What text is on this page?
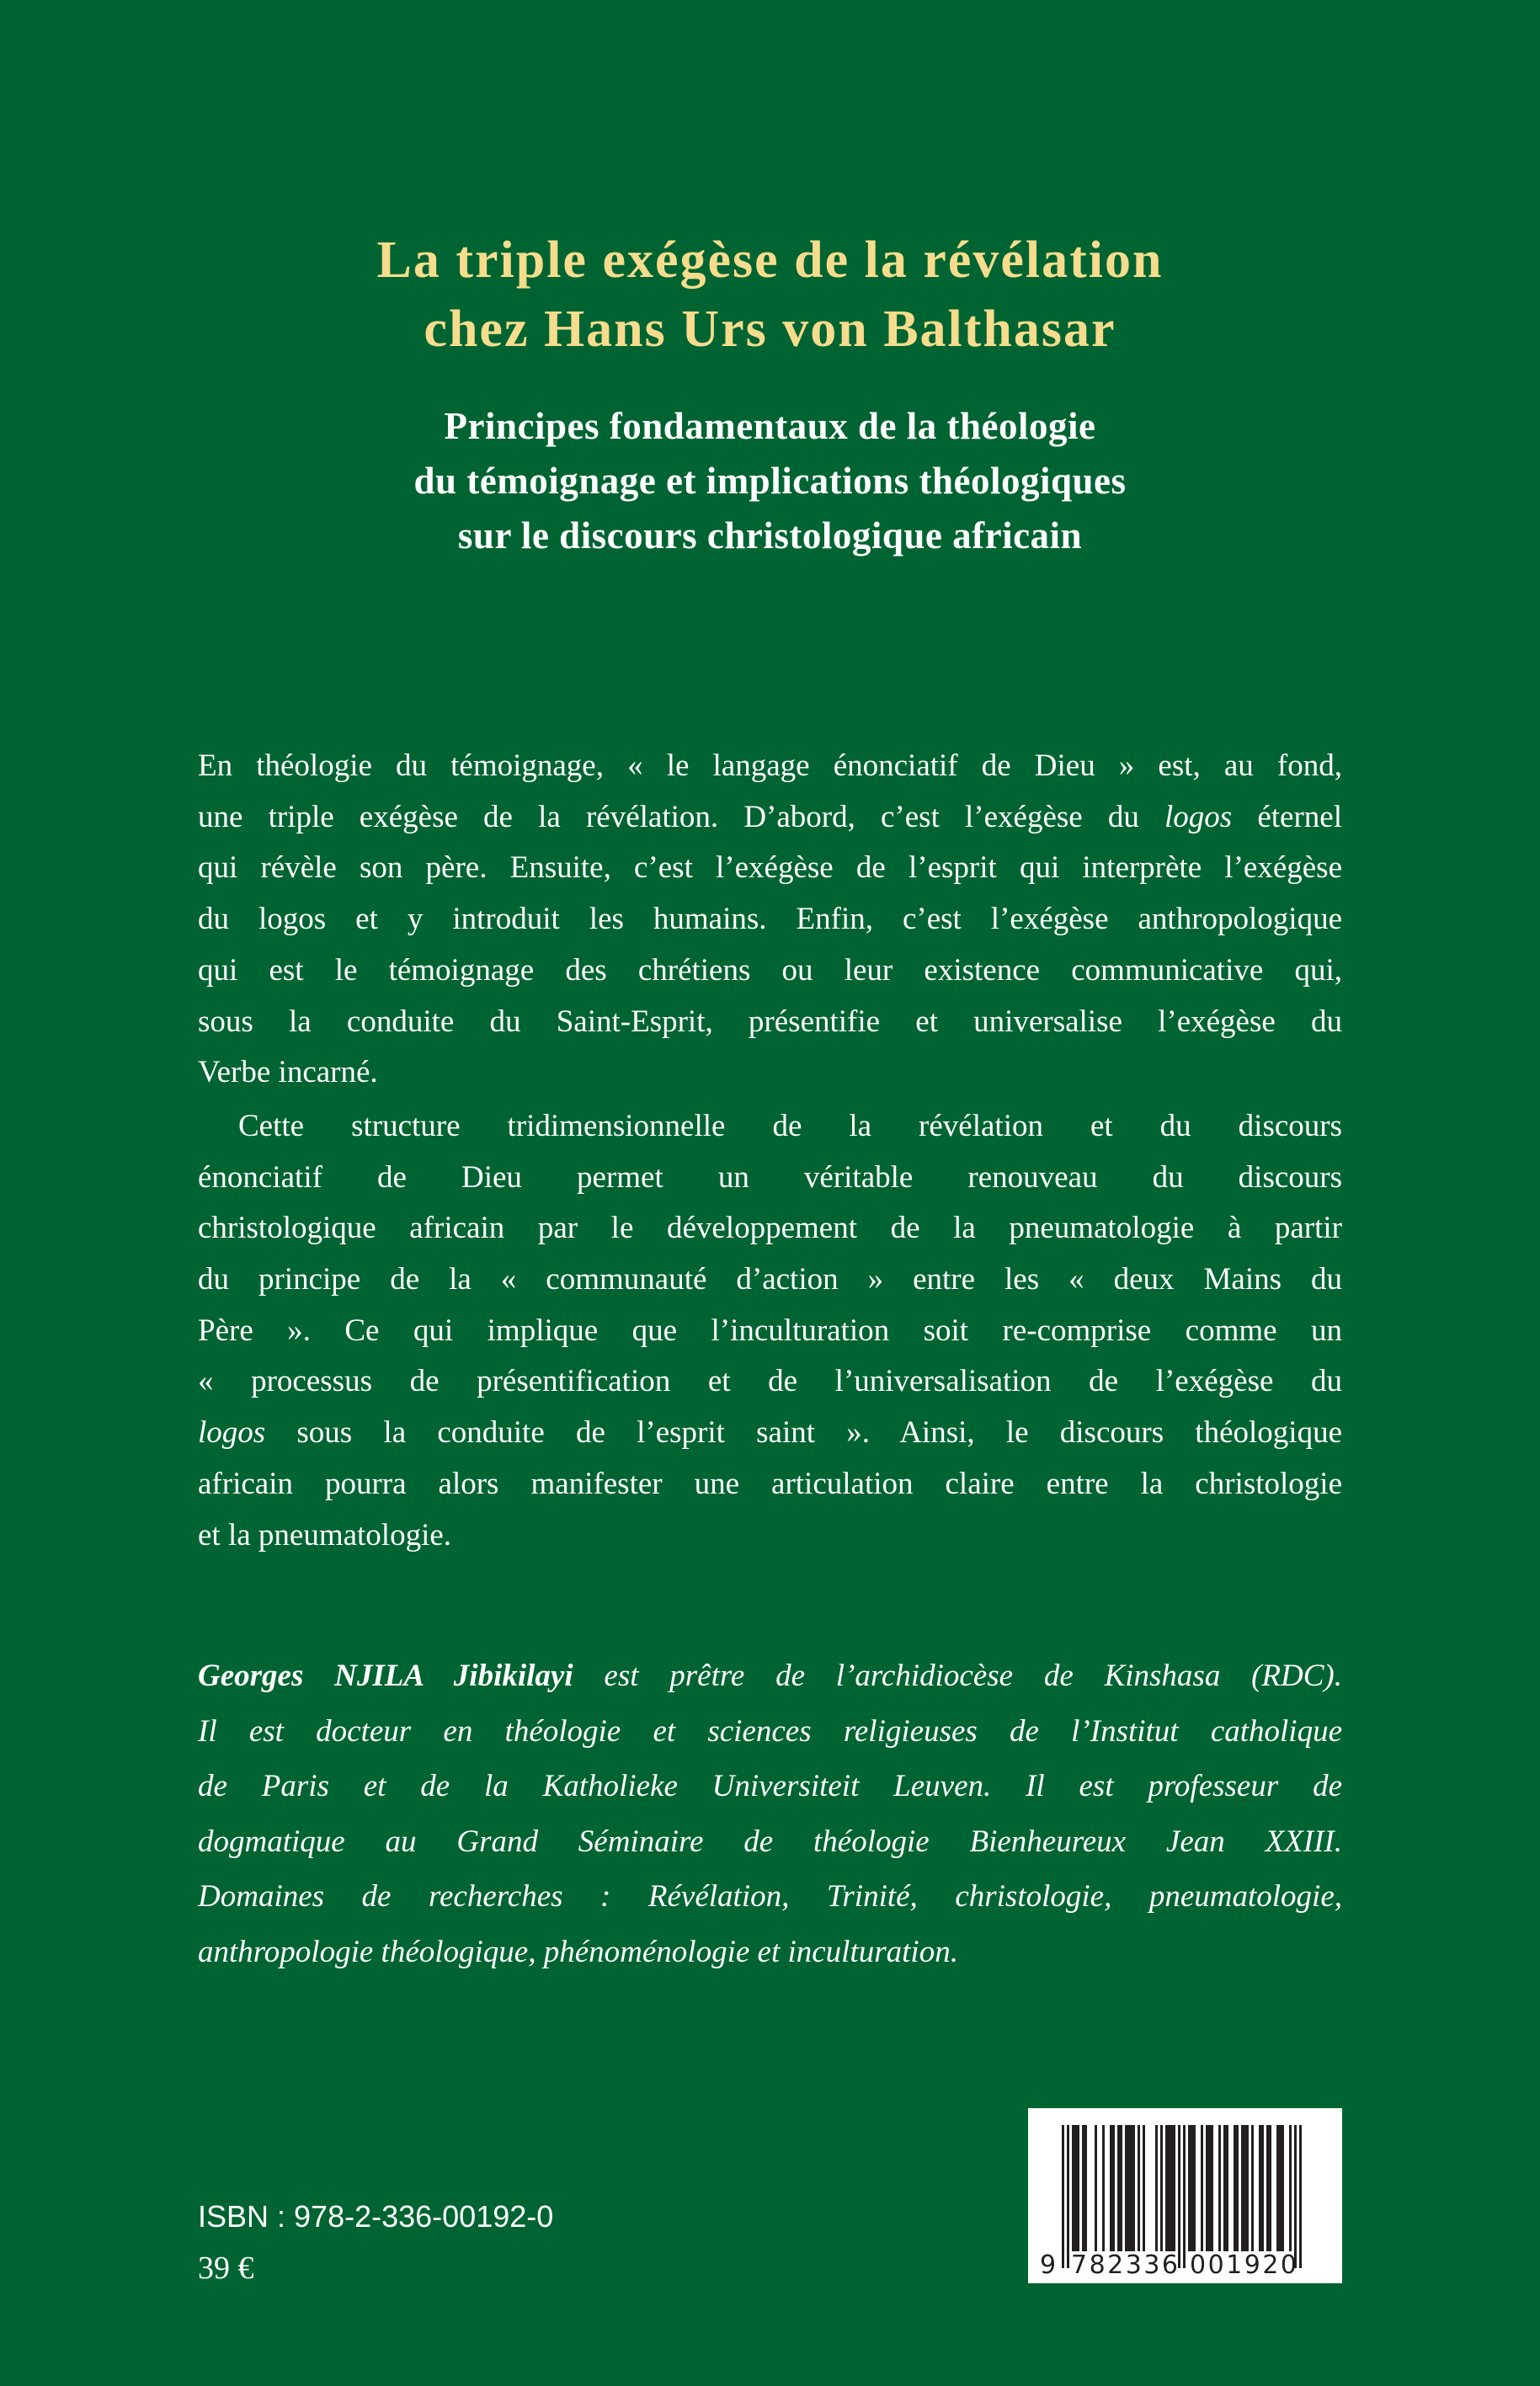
La triple exégèse de la révélation
chez Hans Urs von Balthasar
Principes fondamentaux de la théologie
du témoignage et implications théologiques
sur le discours christologique africain
En théologie du témoignage, « le langage énonciatif de Dieu » est, au fond,
une triple exégèse de la révélation. D’abord, c’est l’exégèse du logos éternel
qui révèle son père. Ensuite, c’est l’exégèse de l’esprit qui interprète l’exégèse
du logos et y introduit les humains. Enfin, c’est l’exégèse anthropologique
qui est le témoignage des chrétiens ou leur existence communicative qui,
sous la conduite du Saint-Esprit, présentifie et universalise l’exégèse du
Verbe incarné.
Cette structure tridimensionnelle de la révélation et du discours
énonciatif de Dieu permet un véritable renouveau du discours
christologique africain par le développement de la pneumatologie à partir
du principe de la « communauté d’action » entre les « deux Mains du
Père ». Ce qui implique que l’inculturation soit re-comprise comme un
« processus de présentification et de l’universalisation de l’exégèse du
logos sous la conduite de l’esprit saint ». Ainsi, le discours théologique
africain pourra alors manifester une articulation claire entre la christologie
et la pneumatologie.
Georges NJILA Jibikilayi est prêtre de l’archidiocèse de Kinshasa (RDC).
Il est docteur en théologie et sciences religieuses de l’Institut catholique
de Paris et de la Katholieke Universiteit Leuven. Il est professeur de
dogmatique au Grand Séminaire de théologie Bienheureux Jean XXIII.
Domaines de recherches : Révélation, Trinité, christologie, pneumatologie,
anthropologie théologique, phénoménologie et inculturation.
ISBN : 978-2-336-00192-0
39 €	9 782336 001920
